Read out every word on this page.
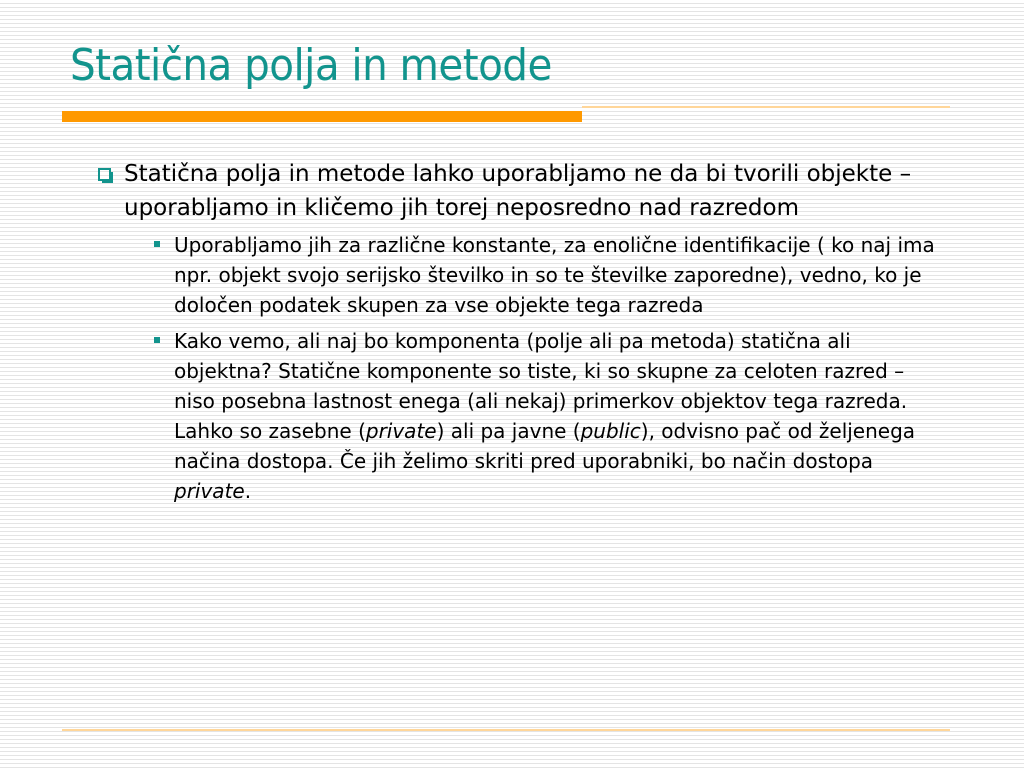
Statična polja in metode
Statična polja in metode lahko uporabljamo ne da bi tvorili objekte – uporabljamo in kličemo jih torej neposredno nad razredom
Uporabljamo jih za različne konstante, za enolične identifikacije ( ko naj ima npr. objekt svojo serijsko številko in so te številke zaporedne), vedno, ko je določen podatek skupen za vse objekte tega razreda
Kako vemo, ali naj bo komponenta (polje ali pa metoda) statična ali objektna? Statične komponente so tiste, ki so skupne za celoten razred – niso posebna lastnost enega (ali nekaj) primerkov objektov tega razreda. Lahko so zasebne (private) ali pa javne (public), odvisno pač od željenega načina dostopa. Če jih želimo skriti pred uporabniki, bo način dostopa private.
